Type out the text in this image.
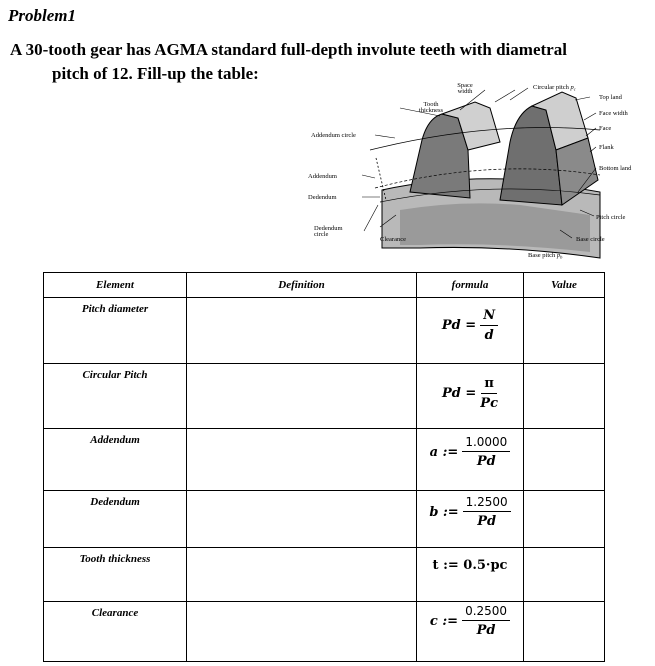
Problem1
A 30-tooth gear has AGMA standard full-depth involute teeth with diametral
pitch of 12. Fill-up the table:
Space width
Circular pitch $p_c$
Tooth thickness
Top land
Face width
Face
Flank
Bottom land
Addendum circle
Addendum
Dedendum
Dedendum circle
Clearance
Pitch circle
Base circle
Base pitch $p_b$
Element	Definition	formula	Value
Pitch diameter		$Pd = \frac{N}{d}$

Circular Pitch		$Pd = \frac{\pi}{Pc}$

Addendum		a := $\frac{1.0000}{Pd}$

Dedendum		b := $\frac{1.2500}{Pd}$

Tooth thickness		t := 0.5·pc	

Clearance		c := $\frac{0.2500}{Pd}$
